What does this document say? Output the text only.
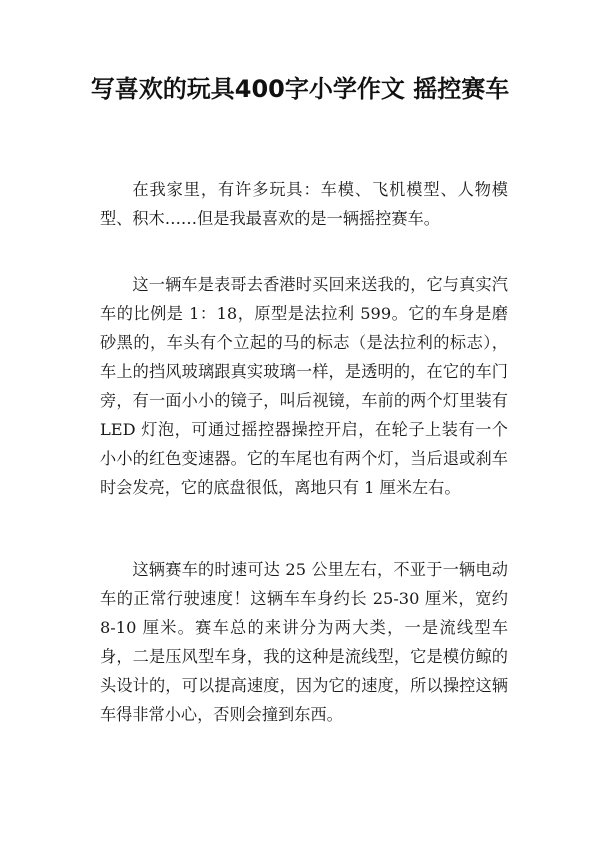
写喜欢的玩具400字小学作文 摇控赛车

在我家里，有许多玩具：车模、飞机模型、人物模型、积木……但是我最喜欢的是一辆摇控赛车。

这一辆车是表哥去香港时买回来送我的，它与真实汽车的比例是 1：18，原型是法拉利 599。它的车身是磨砂黑的，车头有个立起的马的标志（是法拉利的标志），车上的挡风玻璃跟真实玻璃一样，是透明的，在它的车门旁，有一面小小的镜子，叫后视镜，车前的两个灯里装有 LED 灯泡，可通过摇控器操控开启，在轮子上装有一个小小的红色变速器。它的车尾也有两个灯，当后退或刹车时会发亮，它的底盘很低，离地只有 1 厘米左右。

这辆赛车的时速可达 25 公里左右，不亚于一辆电动车的正常行驶速度！这辆车车身约长 25-30 厘米，宽约 8-10 厘米。赛车总的来讲分为两大类，一是流线型车身，二是压风型车身，我的这种是流线型，它是模仿鲸的头设计的，可以提高速度，因为它的速度，所以操控这辆车得非常小心，否则会撞到东西。
